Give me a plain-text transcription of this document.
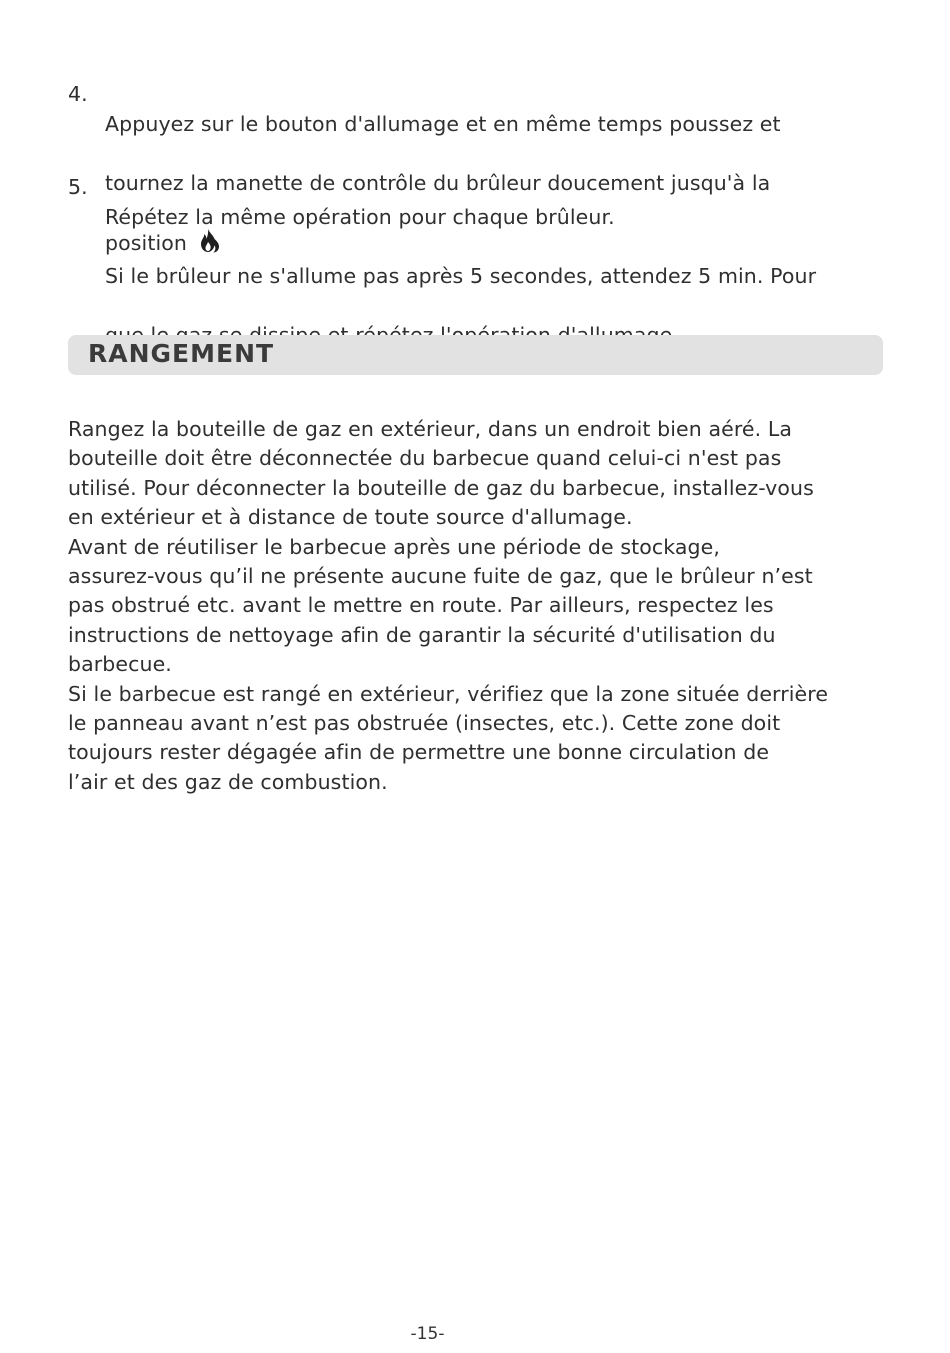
4.

Appuyez sur le bouton d'allumage et en même temps poussez et

tournez la manette de contrôle du brûleur doucement jusqu'à la

position

5.

Répétez la même opération pour chaque brûleur.

Si le brûleur ne s'allume pas après 5 secondes, attendez 5 min. Pour

RANGEMENT
Rangez la bouteille de gaz en extérieur, dans un endroit bien aéré. La
bouteille doit être déconnectée du barbecue quand celui-ci n'est pas
utilisé. Pour déconnecter la bouteille de gaz du barbecue, installez-vous
en extérieur et à distance de toute source d'allumage.
Avant de réutiliser le barbecue après une période de stockage,
assurez-vous qu’il ne présente aucune fuite de gaz, que le brûleur n’est
pas obstrué etc. avant le mettre en route. Par ailleurs, respectez les
instructions de nettoyage afin de garantir la sécurité d'utilisation du
barbecue.
Si le barbecue est rangé en extérieur, vérifiez que la zone située derrière
le panneau avant n’est pas obstruée (insectes, etc.). Cette zone doit
toujours rester dégagée afin de permettre une bonne circulation de
l’air et des gaz de combustion.
-15-
